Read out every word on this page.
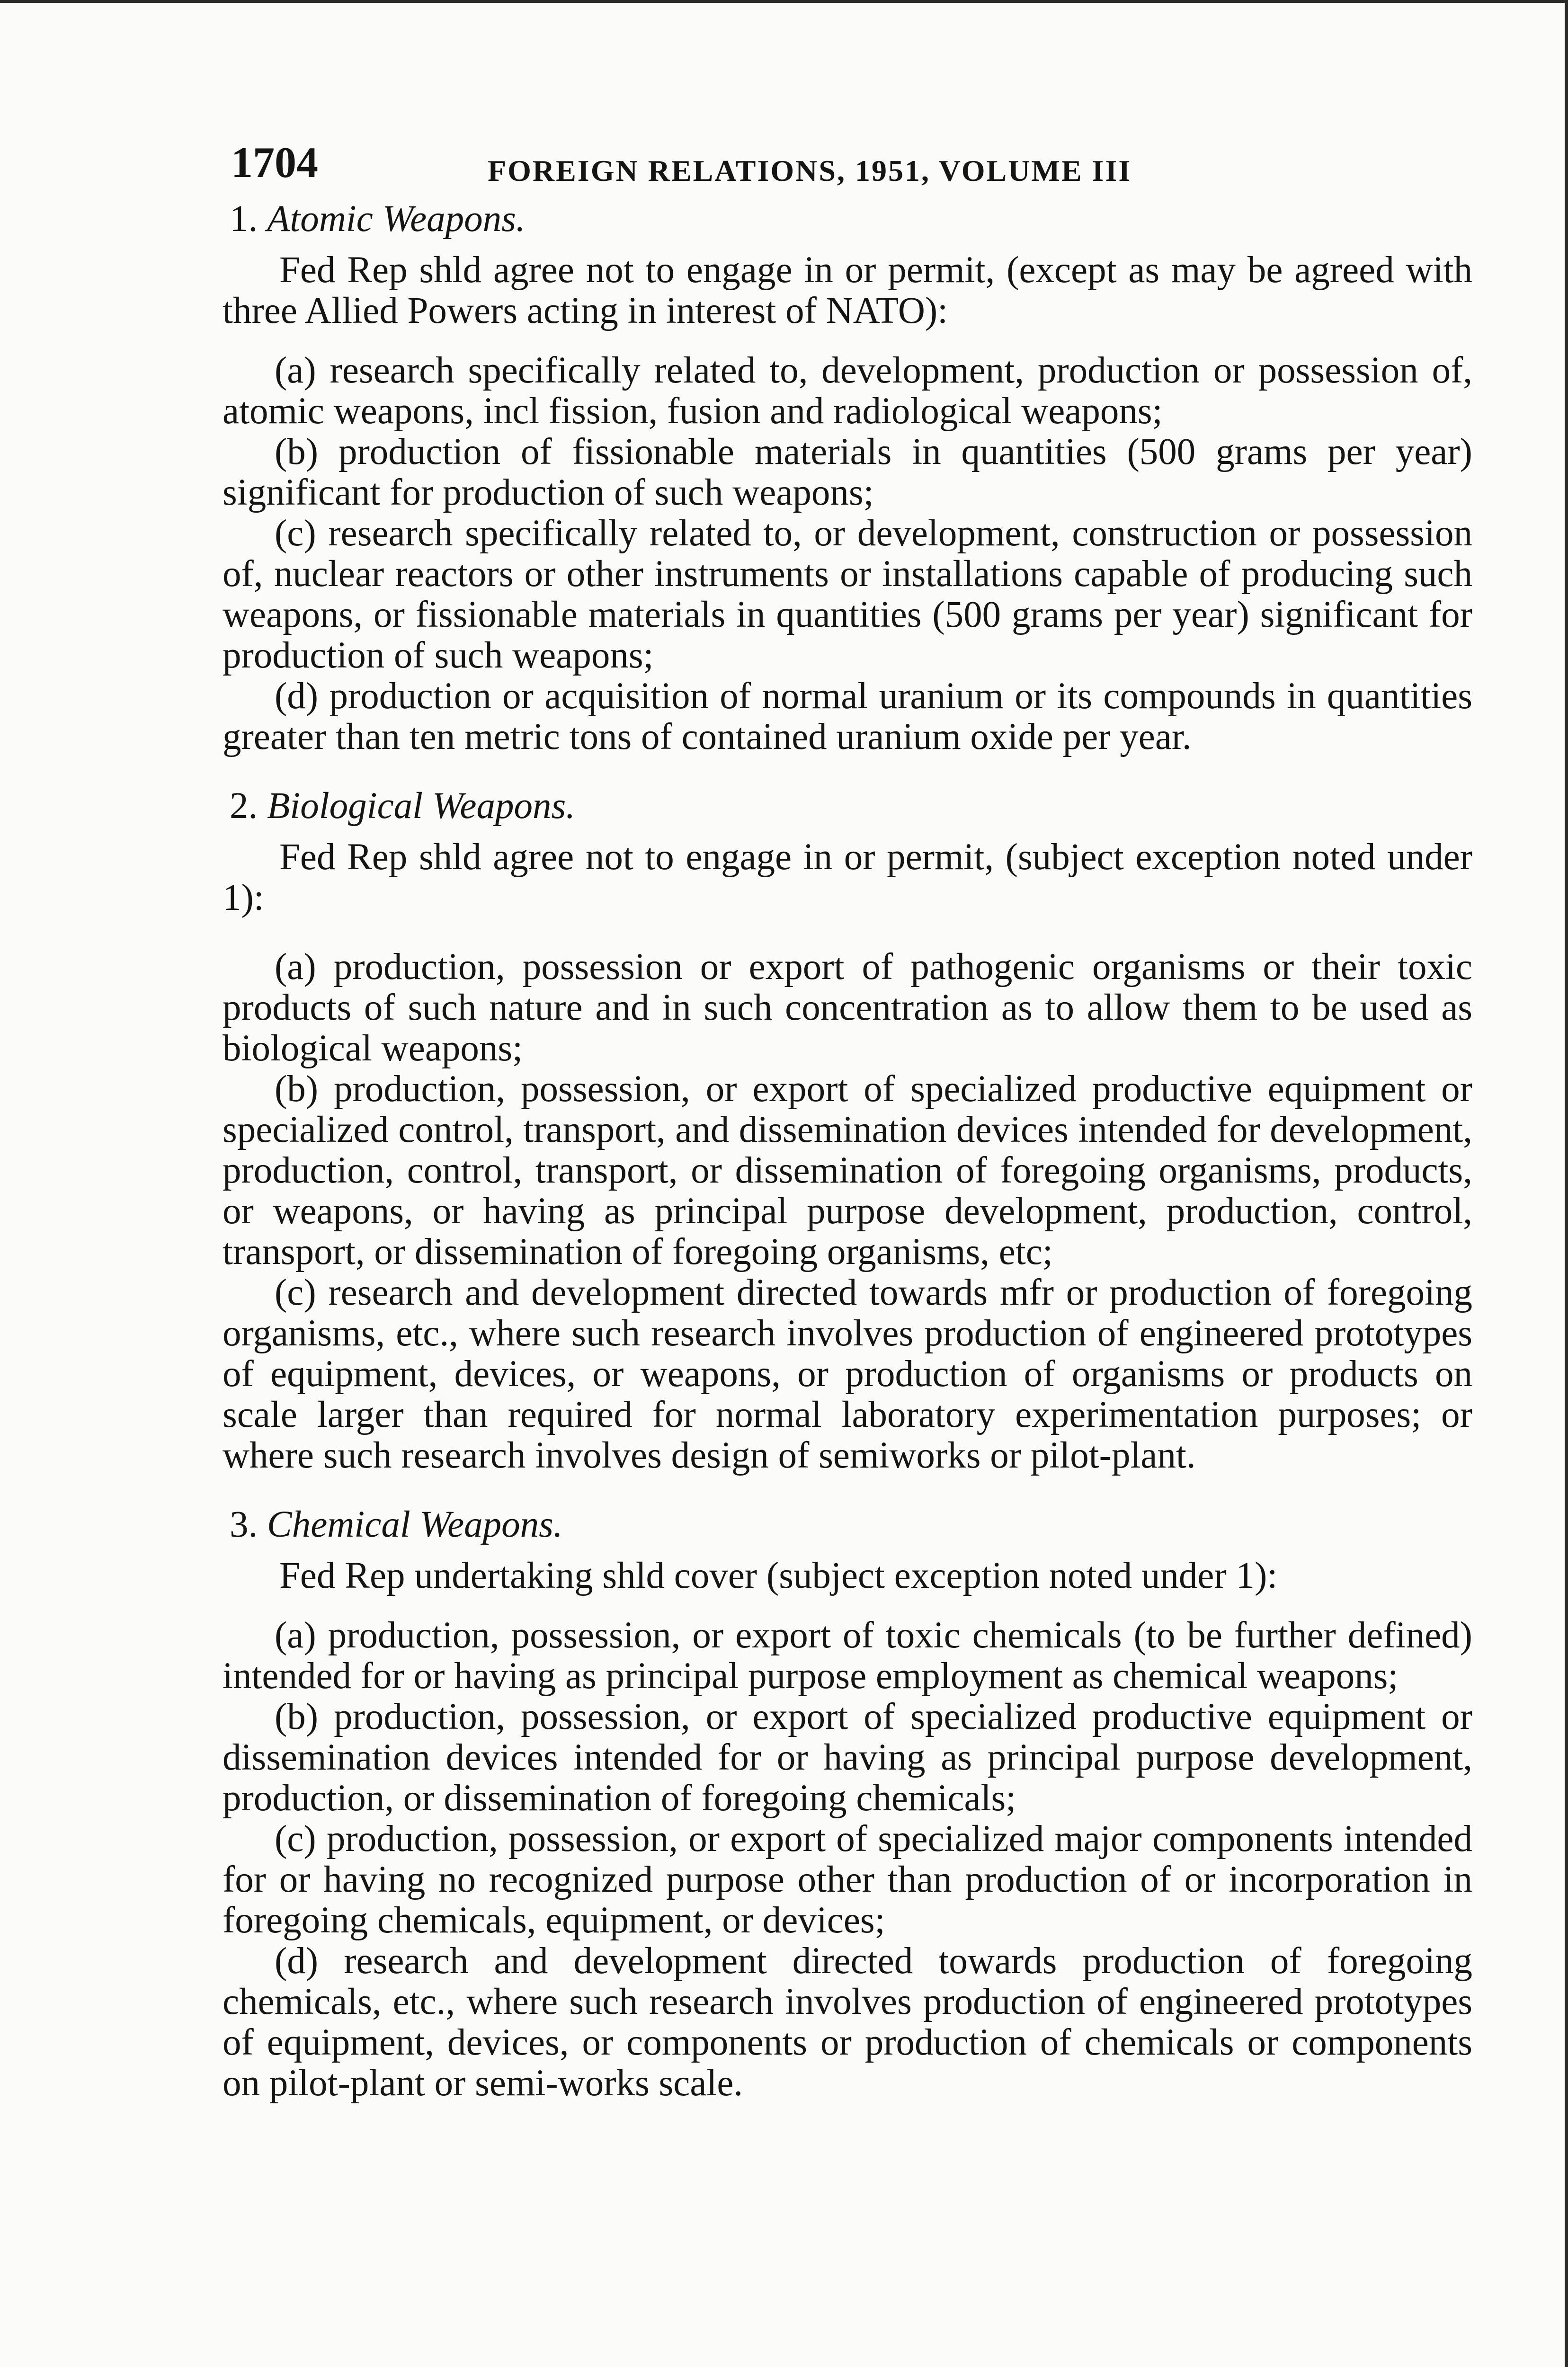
1704	FOREIGN RELATIONS, 1951, VOLUME III
1. Atomic Weapons.

Fed Rep shld agree not to engage in or permit, (except as may be agreed with three Allied Powers acting in interest of NATO):

(a) research specifically related to, development, production or possession of, atomic weapons, incl fission, fusion and radiological weapons;

(b) production of fissionable materials in quantities (500 grams per year) significant for production of such weapons;

(c) research specifically related to, or development, construction or possession of, nuclear reactors or other instruments or installations capable of producing such weapons, or fissionable materials in quantities (500 grams per year) significant for production of such weapons;

(d) production or acquisition of normal uranium or its compounds in quantities greater than ten metric tons of contained uranium oxide per year.

2. Biological Weapons.

Fed Rep shld agree not to engage in or permit, (subject exception noted under 1):

(a) production, possession or export of pathogenic organisms or their toxic products of such nature and in such concentration as to allow them to be used as biological weapons;

(b) production, possession, or export of specialized productive equipment or specialized control, transport, and dissemination devices intended for development, production, control, transport, or dissemination of foregoing organisms, products, or weapons, or having as principal purpose development, production, control, transport, or dissemination of foregoing organisms, etc;

(c) research and development directed towards mfr or production of foregoing organisms, etc., where such research involves production of engineered prototypes of equipment, devices, or weapons, or production of organisms or products on scale larger than required for normal laboratory experimentation purposes; or where such research involves design of semiworks or pilot-plant.

3. Chemical Weapons.

Fed Rep undertaking shld cover (subject exception noted under 1):

(a) production, possession, or export of toxic chemicals (to be further defined) intended for or having as principal purpose employment as chemical weapons;

(b) production, possession, or export of specialized productive equipment or dissemination devices intended for or having as principal purpose development, production, or dissemination of foregoing chemicals;

(c) production, possession, or export of specialized major components intended for or having no recognized purpose other than production of or incorporation in foregoing chemicals, equipment, or devices;

(d) research and development directed towards production of foregoing chemicals, etc., where such research involves production of engineered prototypes of equipment, devices, or components or production of chemicals or components on pilot-plant or semi-works scale.
